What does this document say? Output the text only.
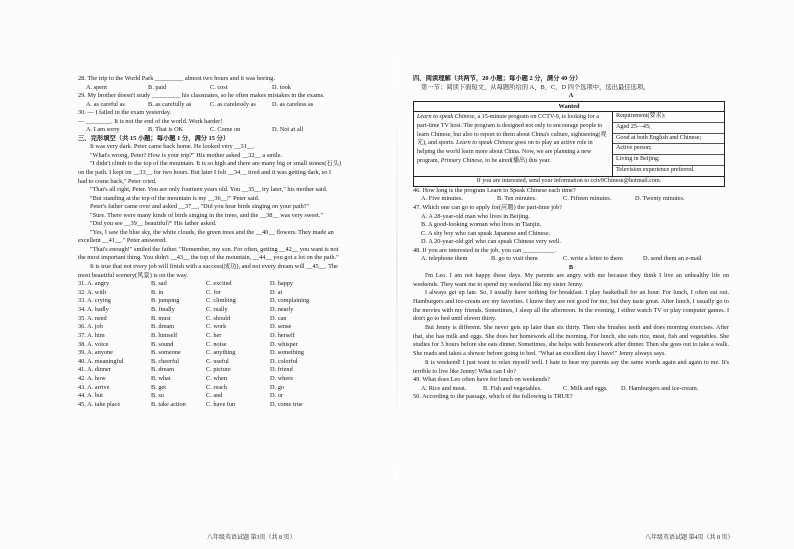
28. The trip to the World Park _________ almost two hours and it was boring.
A. spent	B. paid	C. cost	D. took
29. My brother doesn't study _________ his classmates, so he often makes mistakes in the exams.
A. as careful as	B. as carefully as	C. as carelessly as	D. as careless as
30. — I failed in the exam yesterday.
— ________. It is not the end of the world. Work harder!
A. I am sorry	B. That is OK	C. Come on	D. Not at all
三、完形填空（共 15 小题；每小题 1 分，满分 15 分）
It was very dark. Peter came back home. He looked very __31__.
"What's wrong, Peter? How is your trip?" His mother asked __32__ a smile.
"I didn't climb to the top of the mountain. It is so high and there are many big or small stones(石头)
on the path. I kept on __33__ for two hours. But later I felt __34__ tired and it was getting dark, so I
had to come back," Peter cried.
"That's all right, Peter. You are only fourteen years old. You __35__ try later," his mother said.
"But standing at the top of the mountain is my __36__!" Peter said.
Peter's father came over and asked __37__, "Did you hear birds singing on your path?"
"Sure. There were many kinds of birds singing in the trees, and the __38__ was very sweet."
"Did you see __39__ beautiful?" His father asked.
"Yes, I saw the blue sky, the white clouds, the green trees and the __40__ flowers. They made an
excellent __41__." Peter answered.
"That's enough!" smiled the father. "Remember, my son. For often, getting __42__ you want is not
the most important thing. You didn't __43__ the top of the mountain, __44__ you got a lot on the path."
It is true that not every job will finish with a success(成功), and not every dream will __45__. The
most beautiful scenery(风景) is on the way.
31. A. angry	B. sad	C. excited	D. happy
32. A. with	B. in	C. for	D. at
33. A. crying	B. jumping	C. climbing	D. complaining
34. A. badly	B. finally	C. really	D. nearly
35. A. need	B. must	C. should	D. can
36. A. job	B. dream	C. work	D. sense
37. A. him	B. himself	C. her	D. herself
38. A. voice	B. sound	C. noise	D. whisper
39. A. anyone	B. someone	C. anything	D. something
40. A. meaningful	B. cheerful	C. useful	D. colorful
41. A. dinner	B. dream	C. picture	D. friend
42. A. how	B. what	C. when	D. where
43. A. arrive	B. get	C. reach	D. go
44. A. but	B. so	C. and	D. or
45. A. take place	B. take action	C. have fun	D. come true
八年级英语试题 第3页（共 8 页）	八年级英语试题 第4页（共 8 页）
四、阅读理解（共两节，20 小题；每小题 2 分，满分 40 分）
第一节：阅读下面短文，从每题所给的 A、B、C、D 四个选项中，选出最佳选项。
A
Wanted
Learn to speak Chinese, a 15-minute program on CCTV-9, is looking for a part-time TV host. The program is designed not only to encourage people to learn Chinese, but also to report to them about China's culture, sightseeing(观光), and sports. Learn to speak Chinese goes on to play an active role in helping the world learn more about China. Now, we are planning a new program, Primary Chinese, to be aired(播出) this year.
Requirement(要求):
Aged 25—45;
Good at both English and Chinese;
Active person;
Living in Beijing;
Television experience preferred.
If you are interested, send your information to cctv9Chinese@hotmail.com.
46. How long is the program Learn to Speak Chinese each time?
A. Five minutes.	B. Ten minutes.	C. Fifteen minutes.	D. Twenty minutes.
47. Which one can go to apply for(应聘) the part-time job?
A. A 28-year-old man who lives in Beijing.
B. A good-looking woman who lives in Tianjin.
C. A shy boy who can speak Japanese and Chinese.
D. A 20-year-old girl who can speak Chinese very well.
48. If you are interested in the job, you can __________.
A. telephone them	B. go to visit them	C. write a letter to them	D. send them an e-mail
B
I'm Leo. I am not happy these days. My parents are angry with me because they think I live an unhealthy life on weekends. They want me to spend my weekend like my sister Jenny.
I always get up late. So, I usually have nothing for breakfast. I play basketball for an hour. For lunch, I often eat out. Hamburgers and ice-cream are my favorites. I know they are not good for me, but they taste great. After lunch, I usually go to the movies with my friends. Sometimes, I sleep all the afternoon. In the evening, I either watch TV or play computer games. I don't go to bed until eleven thirty.
But Jenny is different. She never gets up later than six thirty. Then she brushes teeth and does morning exercises. After that, she has milk and eggs. She does her homework all the morning. For lunch, she eats rice, meat, fish and vegetables. She studies for 3 hours before she eats dinner. Sometimes, she helps with housework after dinner. Then she goes out to take a walk. She reads and takes a shower before going to bed. "What an excellent day I have!" Jenny always says.
It is weekend! I just want to relax myself well. I hate to hear my parents say the same words again and again to me. It's terrible to live like Jenny! What can I do?
49. What does Leo often have for lunch on weekends?
A. Rice and meat.	B. Fish and vegetables.	C. Milk and eggs D. Hamburgers and ice-cream.
50. According to the passage, which of the following is TRUE?
